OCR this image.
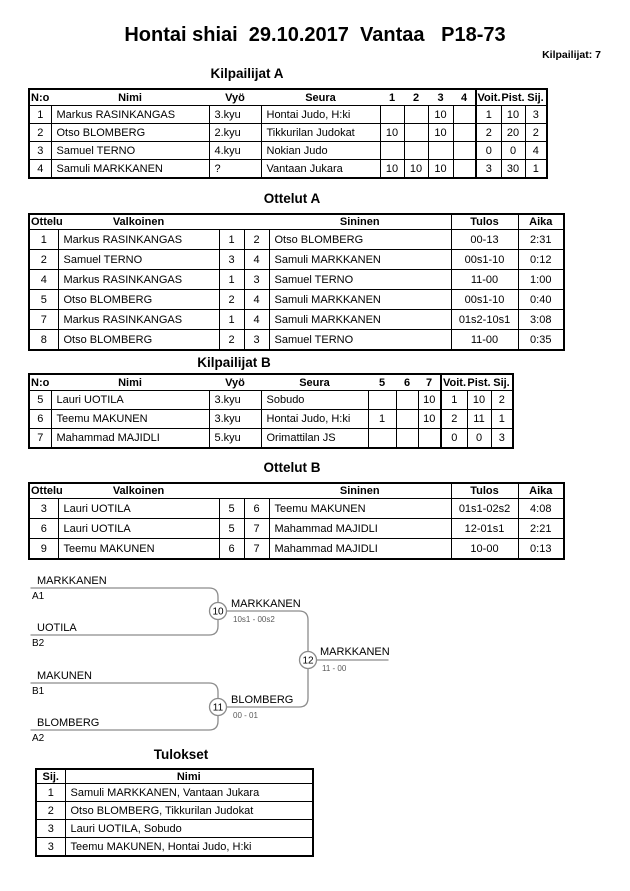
Hontai shiai  29.10.2017  Vantaa   P18-73
Kilpailijat: 7
Kilpailijat A
N:o	Nimi	Vyö	Seura	1	2	3	4	Voit.	Pist.	Sij.
1	Markus RASINKANGAS	3.kyu	Hontai Judo, H:ki			10		1	10	3
2	Otso BLOMBERG	2.kyu	Tikkurilan Judokat	10		10		2	20	2
3	Samuel TERNO	4.kyu	Nokian Judo					0	0	4
4	Samuli MARKKANEN	?	Vantaan Jukara	10	10	10		3	30	1
Ottelut A
Ottelu	Valkoinen			Sininen	Tulos	Aika
1	Markus RASINKANGAS	1	2	Otso BLOMBERG	00-13	2:31
2	Samuel TERNO	3	4	Samuli MARKKANEN	00s1-10	0:12
4	Markus RASINKANGAS	1	3	Samuel TERNO	11-00	1:00
5	Otso BLOMBERG	2	4	Samuli MARKKANEN	00s1-10	0:40
7	Markus RASINKANGAS	1	4	Samuli MARKKANEN	01s2-10s1	3:08
8	Otso BLOMBERG	2	3	Samuel TERNO	11-00	0:35
Kilpailijat B
N:o	Nimi	Vyö	Seura	5	6	7	Voit.	Pist.	Sij.
5	Lauri UOTILA	3.kyu	Sobudo			10	1	10	2
6	Teemu MAKUNEN	3.kyu	Hontai Judo, H:ki	1		10	2	11	1
7	Mahammad MAJIDLI	5.kyu	Orimattilan JS				0	0	3
Ottelut B
Ottelu	Valkoinen			Sininen	Tulos	Aika
3	Lauri UOTILA	5	6	Teemu MAKUNEN	01s1-02s2	4:08
6	Lauri UOTILA	5	7	Mahammad MAJIDLI	12-01s1	2:21
9	Teemu MAKUNEN	6	7	Mahammad MAJIDLI	10-00	0:13
10
11
12
MARKKANEN
A1
UOTILA
B2
MARKKANEN
10s1 - 00s2
MAKUNEN
B1
BLOMBERG
A2
BLOMBERG
00 - 01
MARKKANEN
11 - 00
Tulokset
Sij.	Nimi
1	Samuli MARKKANEN, Vantaan Jukara
2	Otso BLOMBERG, Tikkurilan Judokat
3	Lauri UOTILA, Sobudo
3	Teemu MAKUNEN, Hontai Judo, H:ki
